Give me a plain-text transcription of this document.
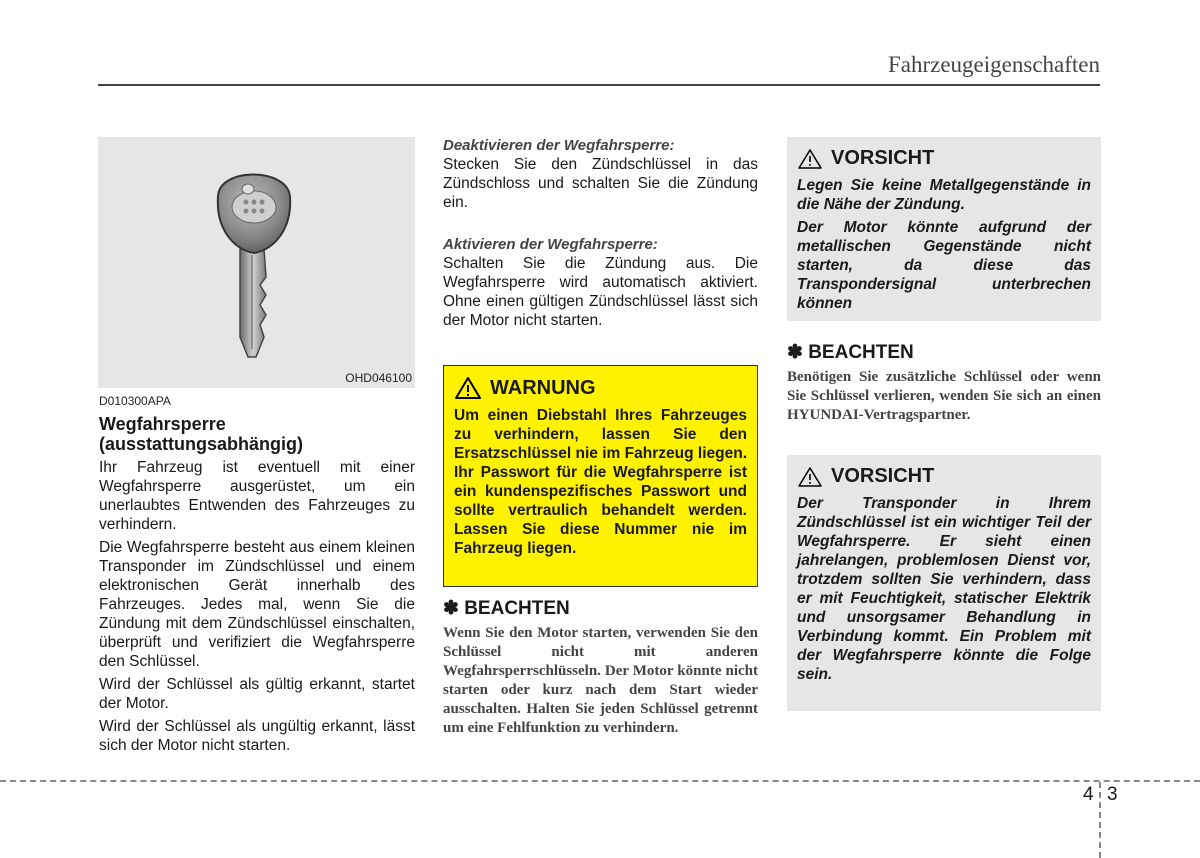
Fahrzeugeigenschaften
OHD046100
D010300APA
Wegfahrsperre (ausstattungsabhängig)

Ihr Fahrzeug ist eventuell mit einer Wegfahrsperre ausgerüstet, um ein unerlaubtes Entwenden des Fahrzeuges zu verhindern.

Die Wegfahrsperre besteht aus einem kleinen Transponder im Zündschlüssel und einem elektronischen Gerät innerhalb des Fahrzeuges. Jedes mal, wenn Sie die Zündung mit dem Zündschlüssel einschalten, überprüft und verifiziert die Wegfahrsperre den Schlüssel.

Wird der Schlüssel als gültig erkannt, startet der Motor.

Wird der Schlüssel als ungültig erkannt, lässt sich der Motor nicht starten.

Deaktivieren der Wegfahrsperre:

Stecken Sie den Zündschlüssel in das Zündschloss und schalten Sie die Zündung ein.

Aktivieren der Wegfahrsperre:

Schalten Sie die Zündung aus. Die Wegfahrsperre wird automatisch aktiviert. Ohne einen gültigen Zündschlüssel lässt sich der Motor nicht starten.

WARNUNG

Um einen Diebstahl Ihres Fahrzeuges zu verhindern, lassen Sie den Ersatzschlüssel nie im Fahrzeug liegen. Ihr Passwort für die Wegfahrsperre ist ein kundenspezifisches Passwort und sollte vertraulich behandelt werden. Lassen Sie diese Nummer nie im Fahrzeug liegen.

✽ BEACHTEN

Wenn Sie den Motor starten, verwenden Sie den Schlüssel nicht mit anderen Wegfahrsperrschlüsseln. Der Motor könnte nicht starten oder kurz nach dem Start wieder ausschalten. Halten Sie jeden Schlüssel getrennt um eine Fehlfunktion zu verhindern.

VORSICHT

Legen Sie keine Metallgegenstände in die Nähe der Zündung.

Der Motor könnte aufgrund der metallischen Gegenstände nicht starten, da diese das Transpondersignal unterbrechen können

✽ BEACHTEN

Benötigen Sie zusätzliche Schlüssel oder wenn Sie Schlüssel verlieren, wenden Sie sich an einen HYUNDAI-Vertragspartner.

VORSICHT

Der Transponder in Ihrem Zündschlüssel ist ein wichtiger Teil der Wegfahrsperre. Er sieht einen jahrelangen, problemlosen Dienst vor, trotzdem sollten Sie verhindern, dass er mit Feuchtigkeit, statischer Elektrik und unsorgsamer Behandlung in Verbindung kommt. Ein Problem mit der Wegfahrsperre könnte die Folge sein.

4 3
